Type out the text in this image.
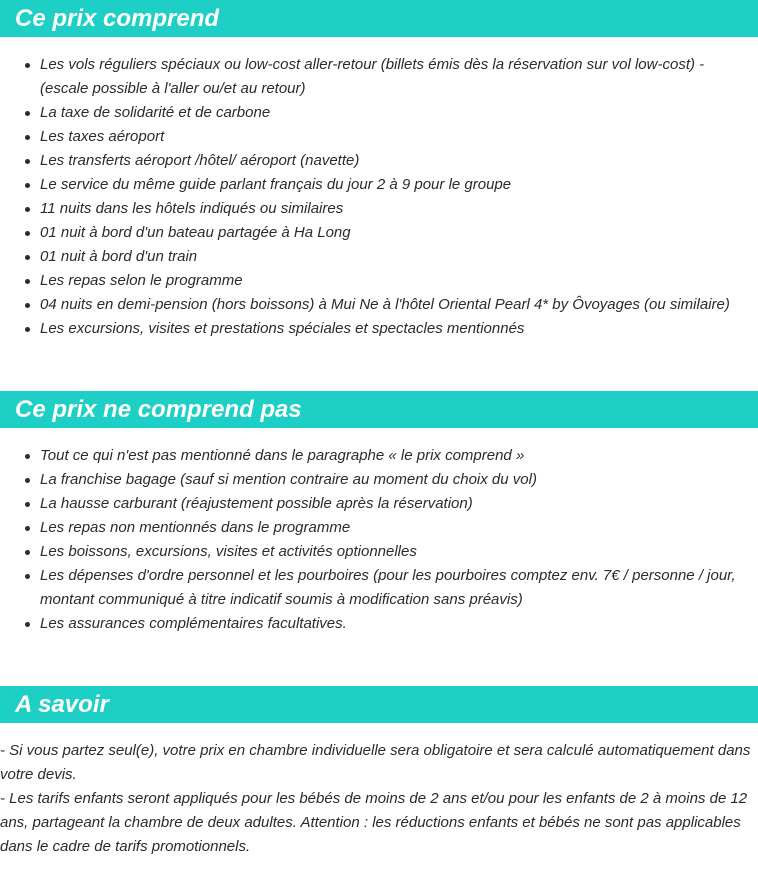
Ce prix comprend
Les vols réguliers spéciaux ou low-cost aller-retour (billets émis dès la réservation sur vol low-cost) - (escale possible à l'aller ou/et au retour)
La taxe de solidarité et de carbone
Les taxes aéroport
Les transferts aéroport /hôtel/ aéroport (navette)
Le service du même guide parlant français du jour 2 à 9 pour le groupe
11 nuits dans les hôtels indiqués ou similaires
01 nuit à bord d'un bateau partagée à Ha Long
01 nuit à bord d'un train
Les repas selon le programme
04 nuits en demi-pension (hors boissons) à Mui Ne à l'hôtel Oriental Pearl 4* by Ôvoyages (ou similaire)
Les excursions, visites et prestations spéciales et spectacles mentionnés
Ce prix ne comprend pas
Tout ce qui n'est pas mentionné dans le paragraphe « le prix comprend »
La franchise bagage (sauf si mention contraire au moment du choix du vol)
La hausse carburant (réajustement possible après la réservation)
Les repas non mentionnés dans le programme
Les boissons, excursions, visites et activités optionnelles
Les dépenses d'ordre personnel et les pourboires (pour les pourboires comptez env. 7€ / personne / jour, montant communiqué à titre indicatif soumis à modification sans préavis)
Les assurances complémentaires facultatives.
A savoir

- Si vous partez seul(e), votre prix en chambre individuelle sera obligatoire et sera calculé automatiquement dans votre devis.

- Les tarifs enfants seront appliqués pour les bébés de moins de 2 ans et/ou pour les enfants de 2 à moins de 12 ans, partageant la chambre de deux adultes. Attention : les réductions enfants et bébés ne sont pas applicables dans le cadre de tarifs promotionnels.
